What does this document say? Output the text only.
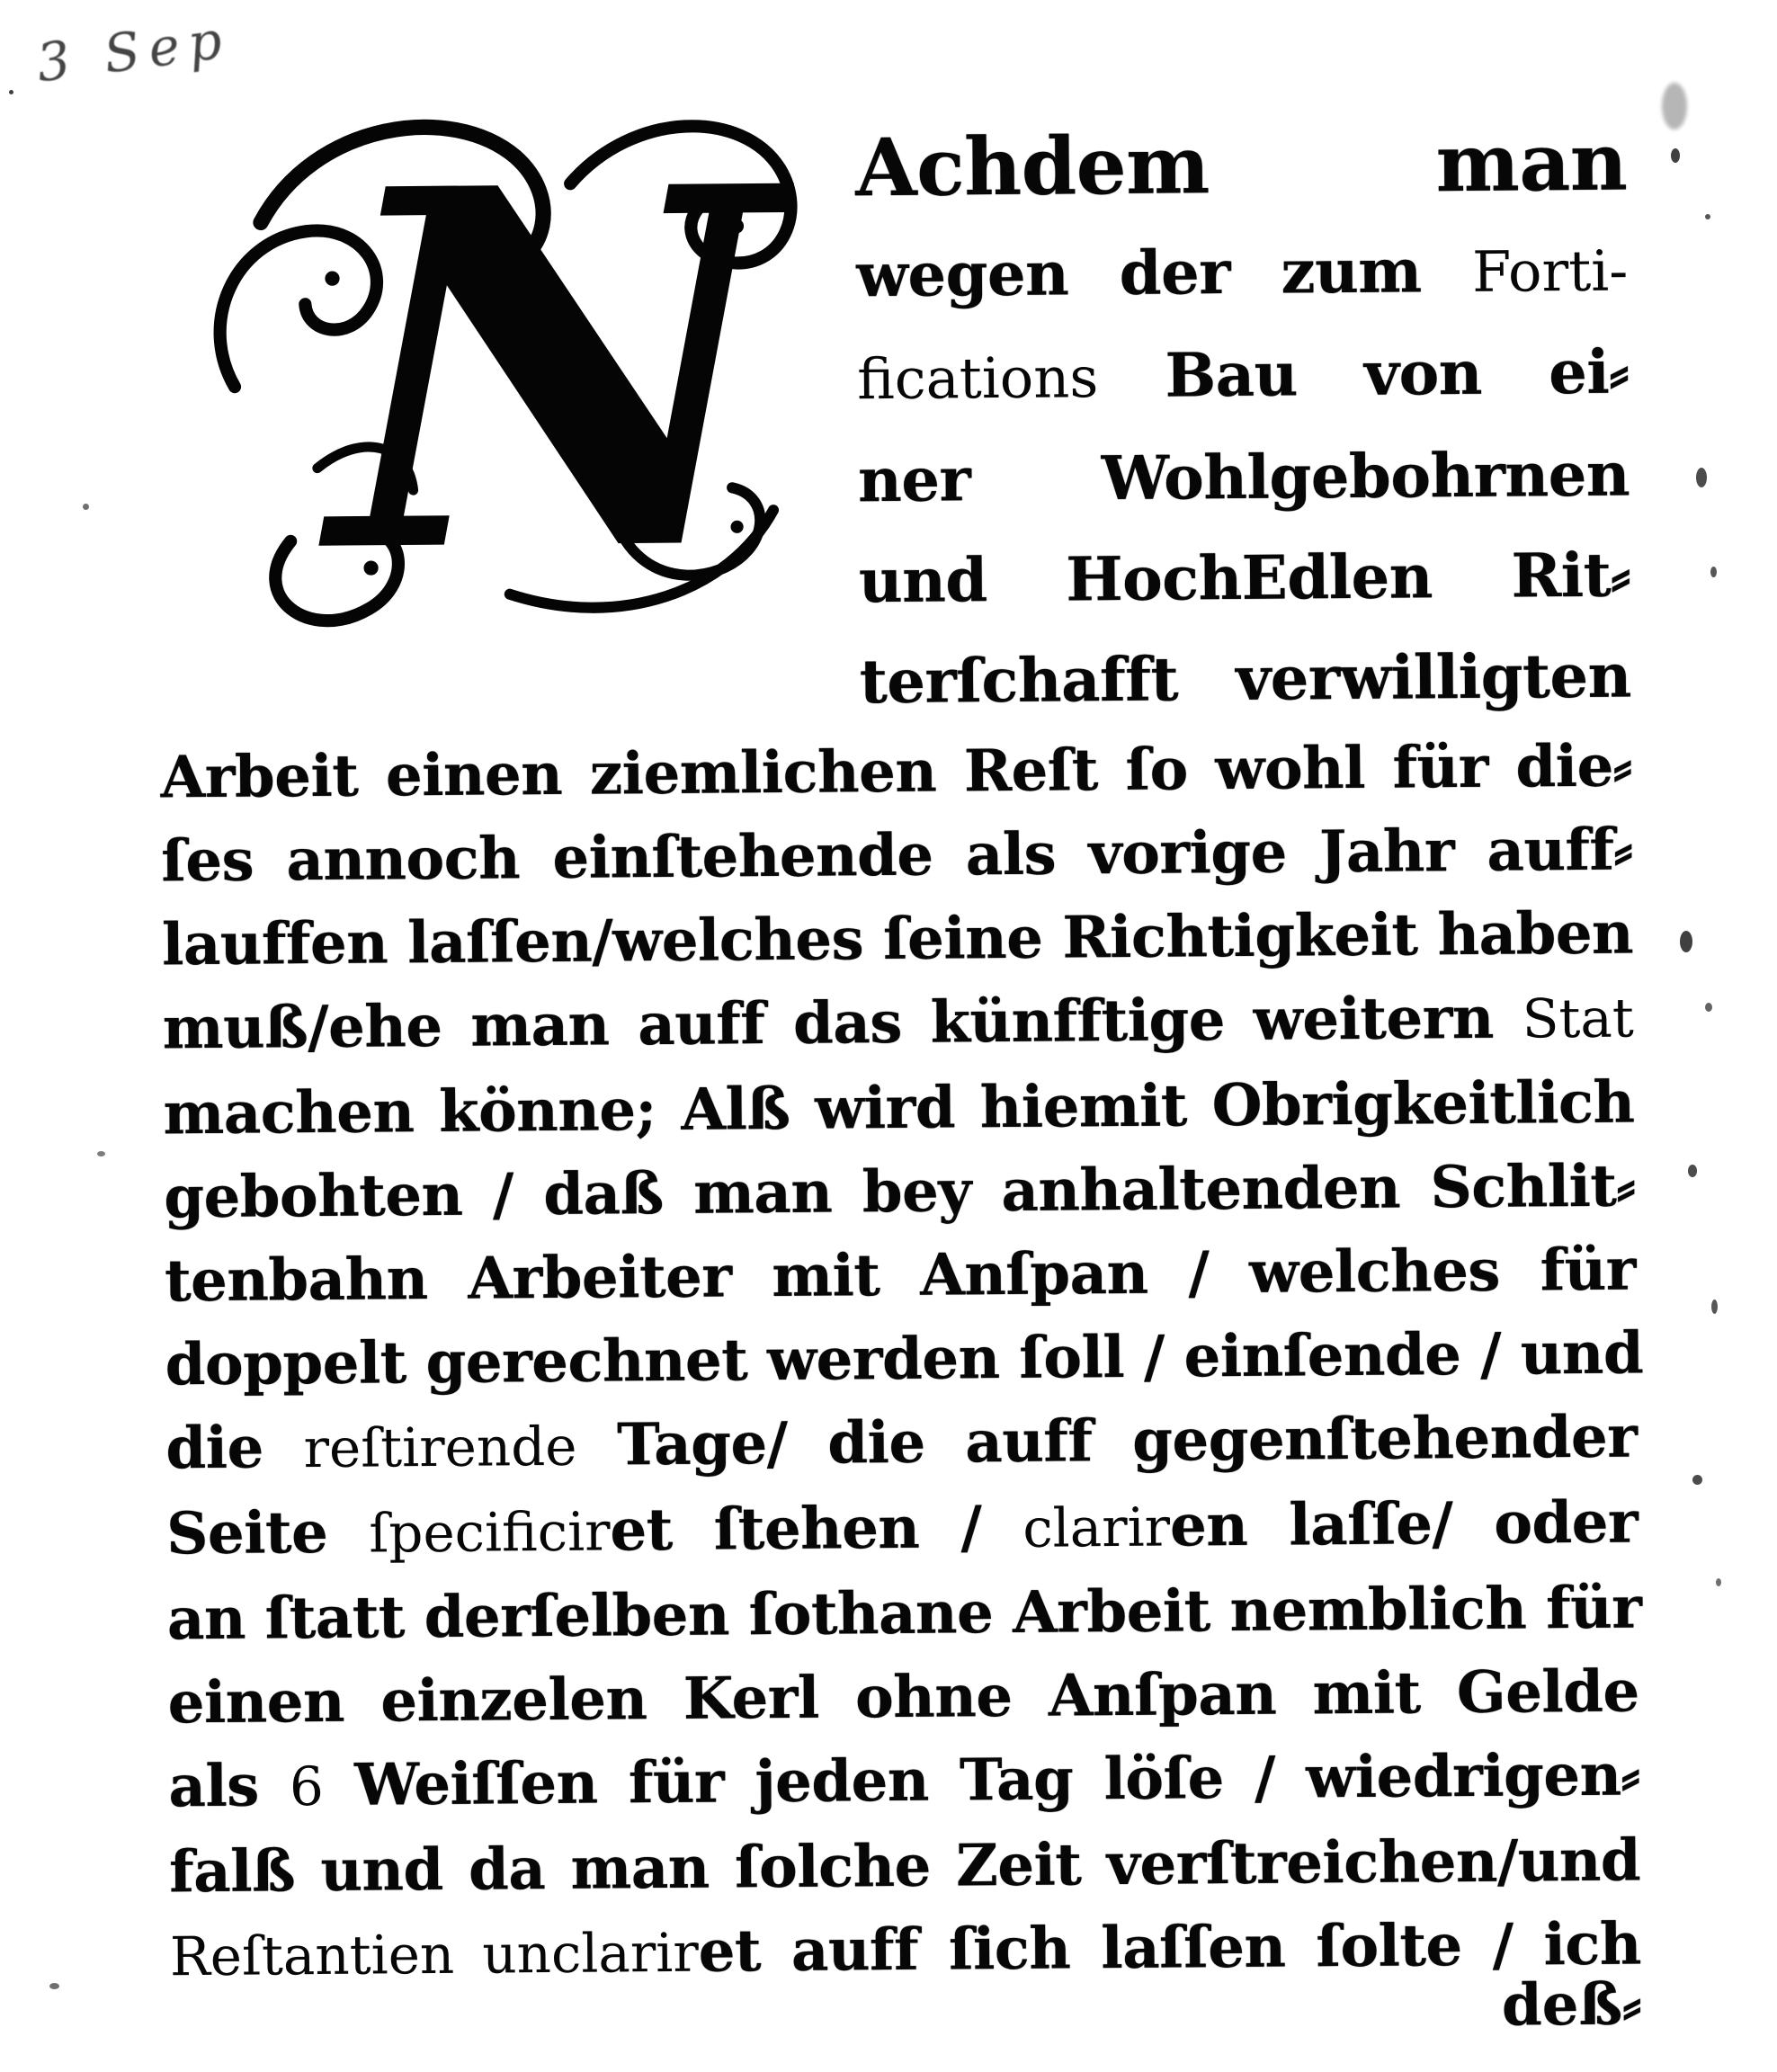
3 Sep
N Achdem man
wegen der zum Forti-
fications Bau von ei⸗
ner Wohlgebohrnen
und HochEdlen Rit⸗
terſchafft verwilligten
Arbeit einen ziemlichen Reſt ſo wohl für die⸗
ſes annoch einſtehende als vorige Jahr auff⸗
lauffen laſſen/welches ſeine Richtigkeit haben
muß/ehe man auff das künfftige weitern Stat
machen könne; Alß wird hiemit Obrigkeitlich
gebohten / daß man bey anhaltenden Schlit⸗
tenbahn Arbeiter mit Anſpan / welches für
doppelt gerechnet werden ſoll / einſende / und
die reſtirende Tage/ die auff gegenſtehender
Seite ſpecificiret ſtehen / clariren laſſe/ oder
an ſtatt derſelben ſothane Arbeit nemblich für
einen einzelen Kerl ohne Anſpan mit Gelde
als 6 Weiſſen für jeden Tag löſe / wiedrigen⸗
falß und da man ſolche Zeit verſtreichen/und
Reſtantien unclariret auff ſich laſſen ſolte / ich
deß⸗
